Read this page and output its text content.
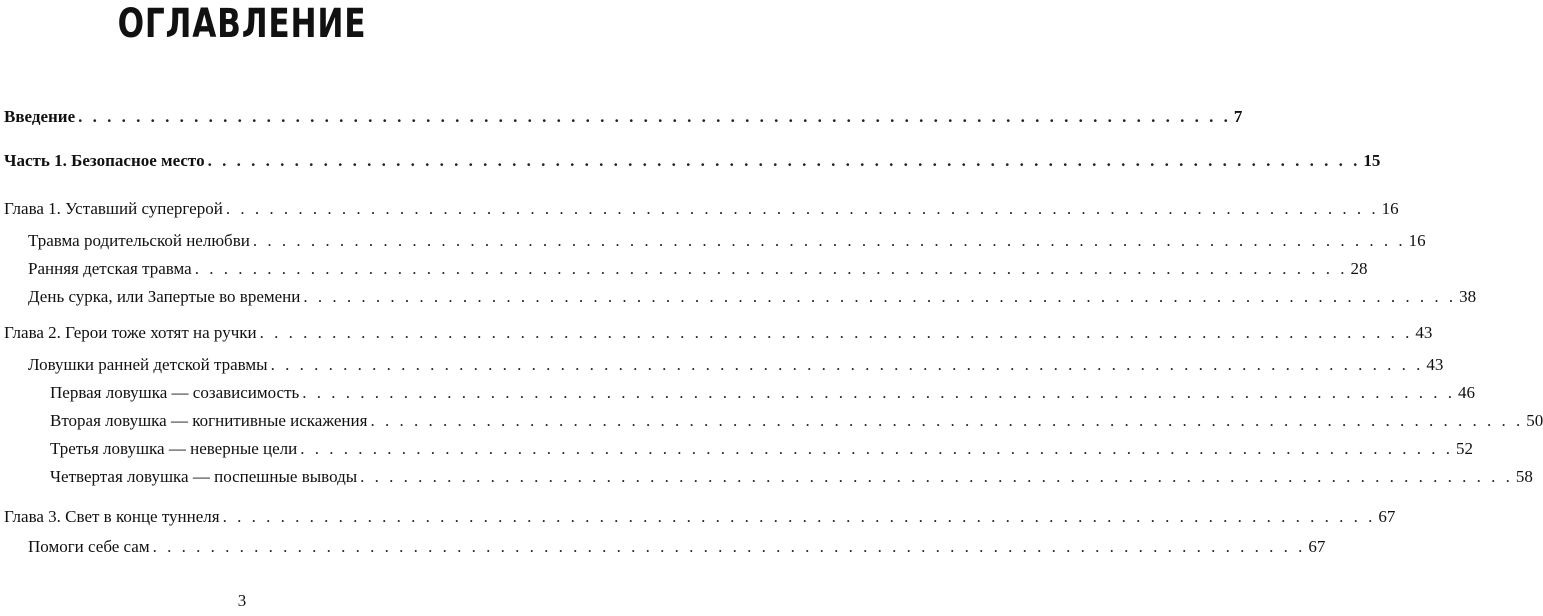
ОГЛАВЛЕНИЕ
Введение . . . . . . . . . . . . . . . . . . . . . . . . . . . . . . . . . . . . . . . . . . . . . . . . . . . . . . . . . . . . . . . . . . . . . . . . . . . . . . . . 7
Часть 1. Безопасное место . . . . . . . . . . . . . . . . . . . . . . . . . . . . . . . . . . . . . . . . . . . . . . . . . . . . . . . . . . . . . . . . . . . . . . . . . . . . . . . . 15
Глава 1. Уставший супергерой . . . . . . . . . . . . . . . . . . . . . . . . . . . . . . . . . . . . . . . . . . . . . . . . . . . . . . . . . . . . . . . . . . . . . . . . . . . . . . . . 16
Травма родительской нелюбви . . . . . . . . . . . . . . . . . . . . . . . . . . . . . . . . . . . . . . . . . . . . . . . . . . . . . . . . . . . . . . . . . . . . . . . . . . . . . . . . 16
Ранняя детская травма . . . . . . . . . . . . . . . . . . . . . . . . . . . . . . . . . . . . . . . . . . . . . . . . . . . . . . . . . . . . . . . . . . . . . . . . . . . . . . . . 28
День сурка, или Запертые во времени . . . . . . . . . . . . . . . . . . . . . . . . . . . . . . . . . . . . . . . . . . . . . . . . . . . . . . . . . . . . . . . . . . . . . . . . . . . . . . . . 38
Глава 2. Герои тоже хотят на ручки . . . . . . . . . . . . . . . . . . . . . . . . . . . . . . . . . . . . . . . . . . . . . . . . . . . . . . . . . . . . . . . . . . . . . . . . . . . . . . . . 43
Ловушки ранней детской травмы . . . . . . . . . . . . . . . . . . . . . . . . . . . . . . . . . . . . . . . . . . . . . . . . . . . . . . . . . . . . . . . . . . . . . . . . . . . . . . . . 43
Первая ловушка — созависимость . . . . . . . . . . . . . . . . . . . . . . . . . . . . . . . . . . . . . . . . . . . . . . . . . . . . . . . . . . . . . . . . . . . . . . . . . . . . . . . . 46
Вторая ловушка — когнитивные искажения . . . . . . . . . . . . . . . . . . . . . . . . . . . . . . . . . . . . . . . . . . . . . . . . . . . . . . . . . . . . . . . . . . . . . . . . . . . . . . . . 50
Третья ловушка — неверные цели . . . . . . . . . . . . . . . . . . . . . . . . . . . . . . . . . . . . . . . . . . . . . . . . . . . . . . . . . . . . . . . . . . . . . . . . . . . . . . . . 52
Четвертая ловушка — поспешные выводы . . . . . . . . . . . . . . . . . . . . . . . . . . . . . . . . . . . . . . . . . . . . . . . . . . . . . . . . . . . . . . . . . . . . . . . . . . . . . . . . 58
Глава 3. Свет в конце туннеля . . . . . . . . . . . . . . . . . . . . . . . . . . . . . . . . . . . . . . . . . . . . . . . . . . . . . . . . . . . . . . . . . . . . . . . . . . . . . . . . 67
Помоги себе сам . . . . . . . . . . . . . . . . . . . . . . . . . . . . . . . . . . . . . . . . . . . . . . . . . . . . . . . . . . . . . . . . . . . . . . . . . . . . . . . . 67
3
